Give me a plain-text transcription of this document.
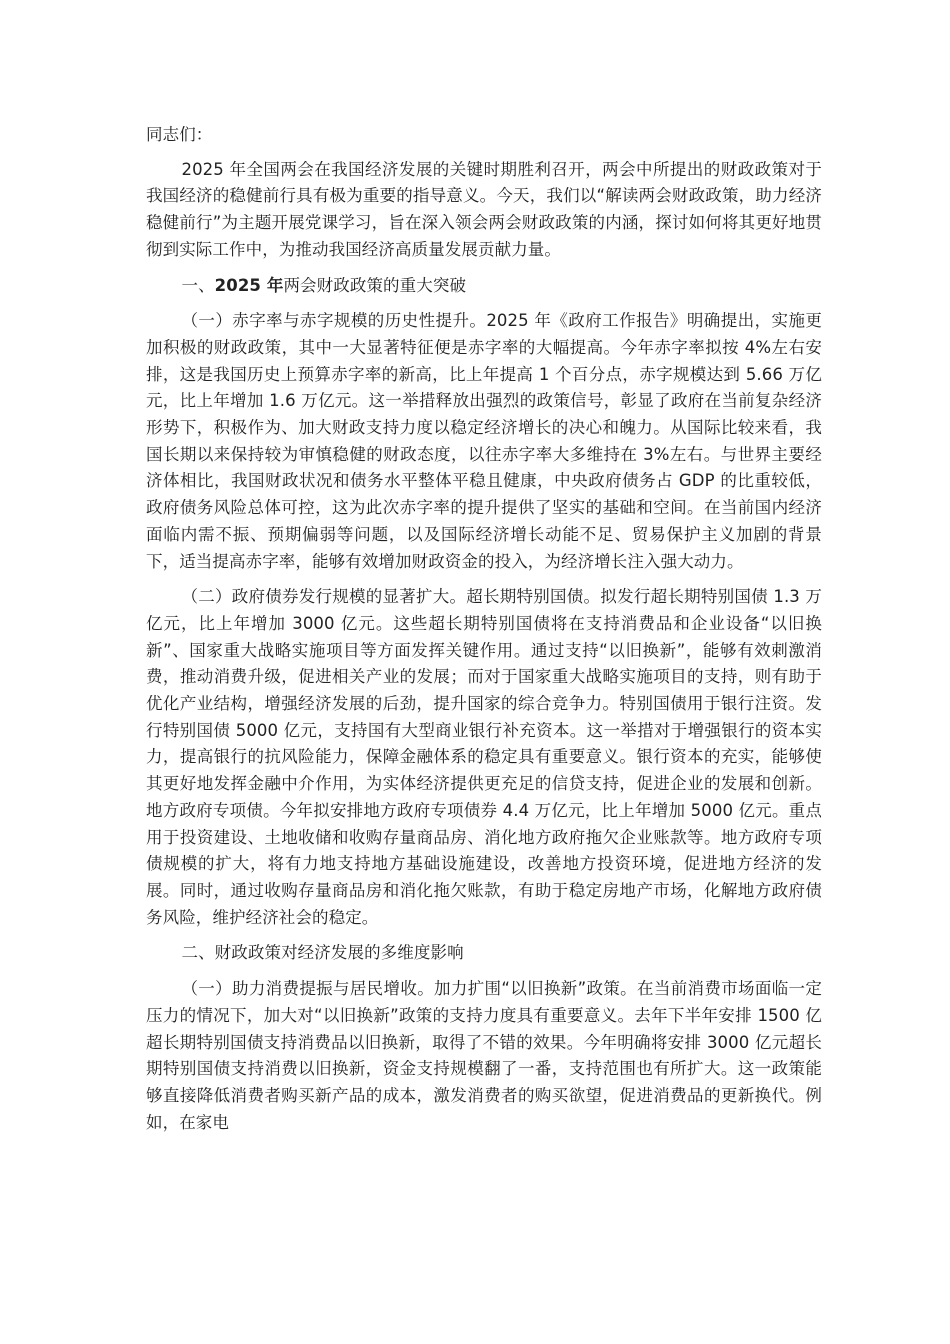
同志们：

2025 年全国两会在我国经济发展的关键时期胜利召开，两会中所提出的财政政策对于我国经济的稳健前行具有极为重要的指导意义。今天，我们以“解读两会财政政策，助力经济稳健前行”为主题开展党课学习，旨在深入领会两会财政政策的内涵，探讨如何将其更好地贯彻到实际工作中，为推动我国经济高质量发展贡献力量。

一、2025 年两会财政政策的重大突破

（一）赤字率与赤字规模的历史性提升。2025 年《政府工作报告》明确提出，实施更加积极的财政政策，其中一大显著特征便是赤字率的大幅提高。今年赤字率拟按 4%左右安排，这是我国历史上预算赤字率的新高，比上年提高 1 个百分点，赤字规模达到 5.66 万亿元，比上年增加 1.6 万亿元。这一举措释放出强烈的政策信号，彰显了政府在当前复杂经济形势下，积极作为、加大财政支持力度以稳定经济增长的决心和魄力。从国际比较来看，我国长期以来保持较为审慎稳健的财政态度，以往赤字率大多维持在 3%左右。与世界主要经济体相比，我国财政状况和债务水平整体平稳且健康，中央政府债务占 GDP 的比重较低，政府债务风险总体可控，这为此次赤字率的提升提供了坚实的基础和空间。在当前国内经济面临内需不振、预期偏弱等问题，以及国际经济增长动能不足、贸易保护主义加剧的背景下，适当提高赤字率，能够有效增加财政资金的投入，为经济增长注入强大动力。

（二）政府债券发行规模的显著扩大。超长期特别国债。拟发行超长期特别国债 1.3 万亿元，比上年增加 3000 亿元。这些超长期特别国债将在支持消费品和企业设备“以旧换新”、国家重大战略实施项目等方面发挥关键作用。通过支持“以旧换新”，能够有效刺激消费，推动消费升级，促进相关产业的发展；而对于国家重大战略实施项目的支持，则有助于优化产业结构，增强经济发展的后劲，提升国家的综合竞争力。特别国债用于银行注资。发行特别国债 5000 亿元，支持国有大型商业银行补充资本。这一举措对于增强银行的资本实力，提高银行的抗风险能力，保障金融体系的稳定具有重要意义。银行资本的充实，能够使其更好地发挥金融中介作用，为实体经济提供更充足的信贷支持，促进企业的发展和创新。地方政府专项债。今年拟安排地方政府专项债券 4.4 万亿元，比上年增加 5000 亿元。重点用于投资建设、土地收储和收购存量商品房、消化地方政府拖欠企业账款等。地方政府专项债规模的扩大，将有力地支持地方基础设施建设，改善地方投资环境，促进地方经济的发展。同时，通过收购存量商品房和消化拖欠账款，有助于稳定房地产市场，化解地方政府债务风险，维护经济社会的稳定。

二、财政政策对经济发展的多维度影响

（一）助力消费提振与居民增收。加力扩围“以旧换新”政策。在当前消费市场面临一定压力的情况下，加大对“以旧换新”政策的支持力度具有重要意义。去年下半年安排 1500 亿超长期特别国债支持消费品以旧换新，取得了不错的效果。今年明确将安排 3000 亿元超长期特别国债支持消费以旧换新，资金支持规模翻了一番，支持范围也有所扩大。这一政策能够直接降低消费者购买新产品的成本，激发消费者的购买欲望，促进消费品的更新换代。例如，在家电
